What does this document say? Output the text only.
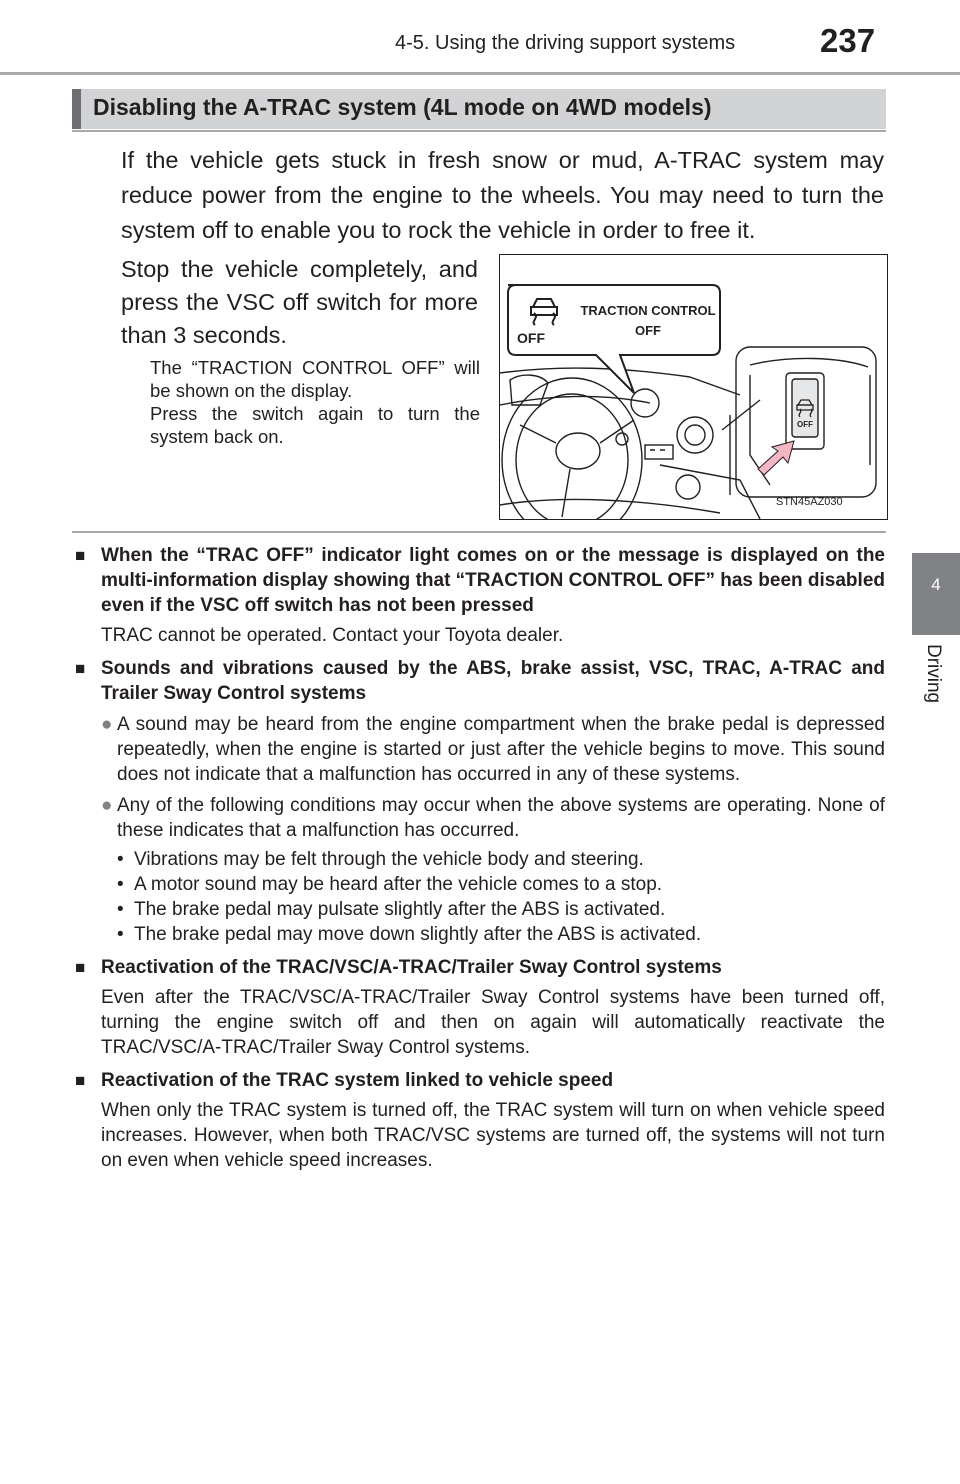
4-5. Using the driving support systems	237
4
Driving
Disabling the A-TRAC system (4L mode on 4WD models)
If the vehicle gets stuck in fresh snow or mud, A-TRAC system may reduce power from the engine to the wheels. You may need to turn the system off to enable you to rock the vehicle in order to free it.
Stop the vehicle completely, and press the VSC off switch for more than 3 seconds.
The “TRACTION CONTROL OFF” will be shown on the display.
Press the switch again to turn the system back on.
OFF
TRACTION CONTROL
OFF
OFF
STN45AZ030
■ When the “TRAC OFF” indicator light comes on or the message is displayed on the multi-information display showing that “TRACTION CONTROL OFF” has been disabled even if the VSC off switch has not been pressed
TRAC cannot be operated. Contact your Toyota dealer.
■ Sounds and vibrations caused by the ABS, brake assist, VSC, TRAC, A-TRAC and Trailer Sway Control systems
● A sound may be heard from the engine compartment when the brake pedal is depressed repeatedly, when the engine is started or just after the vehicle begins to move. This sound does not indicate that a malfunction has occurred in any of these systems.
● Any of the following conditions may occur when the above systems are operating. None of these indicates that a malfunction has occurred.
• Vibrations may be felt through the vehicle body and steering.
• A motor sound may be heard after the vehicle comes to a stop.
• The brake pedal may pulsate slightly after the ABS is activated.
• The brake pedal may move down slightly after the ABS is activated.
■ Reactivation of the TRAC/VSC/A-TRAC/Trailer Sway Control systems
Even after the TRAC/VSC/A-TRAC/Trailer Sway Control systems have been turned off, turning the engine switch off and then on again will automatically reactivate the TRAC/VSC/A-TRAC/Trailer Sway Control systems.
■ Reactivation of the TRAC system linked to vehicle speed
When only the TRAC system is turned off, the TRAC system will turn on when vehicle speed increases. However, when both TRAC/VSC systems are turned off, the systems will not turn on even when vehicle speed increases.
